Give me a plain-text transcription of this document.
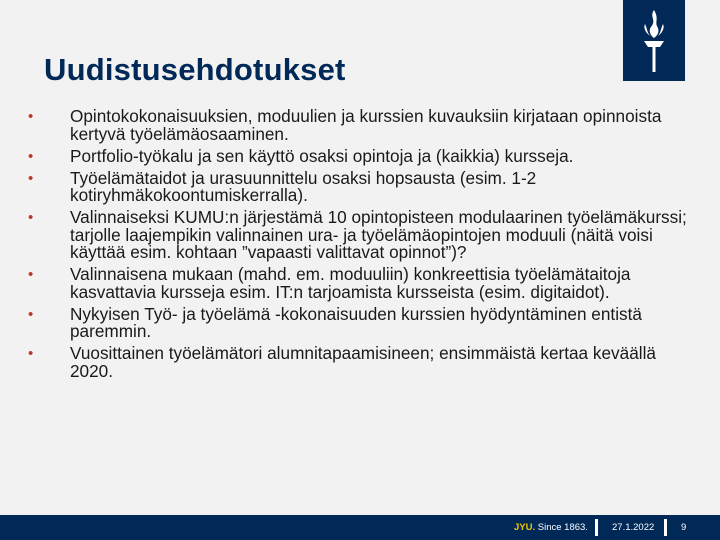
Uudistusehdotukset
• Opintokokonaisuuksien, moduulien ja kurssien kuvauksiin kirjataan opinnoista kertyvä työelämäosaaminen.
• Portfolio-työkalu ja sen käyttö osaksi opintoja ja (kaikkia) kursseja.
• Työelämätaidot ja urasuunnittelu osaksi hopsausta (esim. 1-2 kotiryhmäkokoontumiskerralla).
• Valinnaiseksi KUMU:n järjestämä 10 opintopisteen modulaarinen työelämäkurssi; tarjolle laajempikin valinnainen ura- ja työelämäopintojen moduuli (näitä voisi käyttää esim. kohtaan ”vapaasti valittavat opinnot”)?
• Valinnaisena mukaan (mahd. em. moduuliin) konkreettisia työelämätaitoja kasvattavia kursseja esim. IT:n tarjoamista kursseista (esim. digitaidot).
• Nykyisen Työ- ja työelämä -kokonaisuuden kurssien hyödyntäminen entistä paremmin.
• Vuosittainen työelämätori alumnitapaamisineen; ensimmäistä kertaa keväällä 2020.
JYU. Since 1863.	27.1.2022	9
